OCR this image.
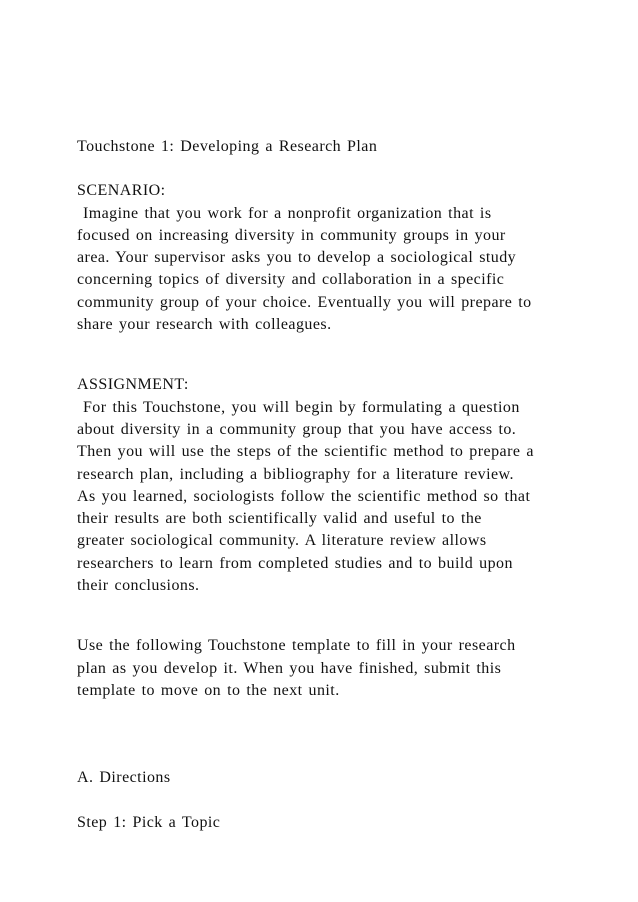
Touchstone 1: Developing a Research Plan
SCENARIO:
Imagine that you work for a nonprofit organization that is
focused on increasing diversity in community groups in your
area. Your supervisor asks you to develop a sociological study
concerning topics of diversity and collaboration in a specific
community group of your choice. Eventually you will prepare to
share your research with colleagues.
ASSIGNMENT:
For this Touchstone, you will begin by formulating a question
about diversity in a community group that you have access to.
Then you will use the steps of the scientific method to prepare a
research plan, including a bibliography for a literature review.
As you learned, sociologists follow the scientific method so that
their results are both scientifically valid and useful to the
greater sociological community. A literature review allows
researchers to learn from completed studies and to build upon
their conclusions.
Use the following Touchstone template to fill in your research
plan as you develop it. When you have finished, submit this
template to move on to the next unit.
A. Directions
Step 1: Pick a Topic
